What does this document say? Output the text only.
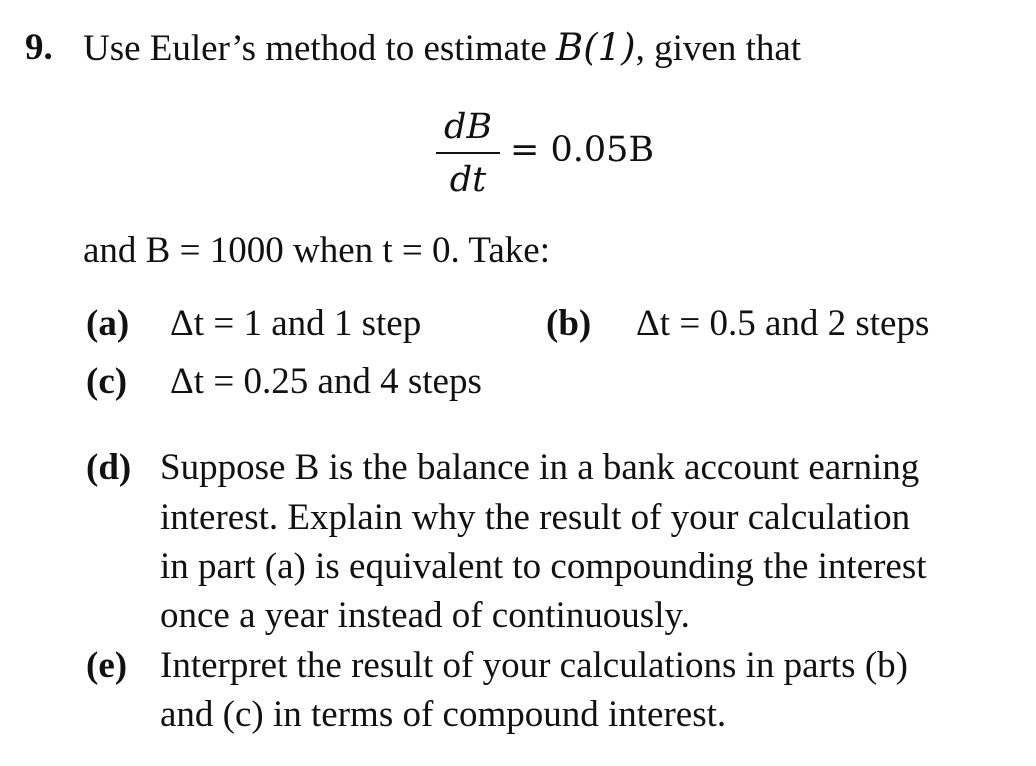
9. Use Euler’s method to estimate B(1), given that
dB
dt
= 0.05B
and B = 1000 when t = 0. Take:
(a) Δt = 1 and 1 step	(b) Δt = 0.5 and 2 steps
(c) Δt = 0.25 and 4 steps
(d) Suppose B is the balance in a bank account earning
interest. Explain why the result of your calculation
in part (a) is equivalent to compounding the interest
once a year instead of continuously.
(e) Interpret the result of your calculations in parts (b)
and (c) in terms of compound interest.
